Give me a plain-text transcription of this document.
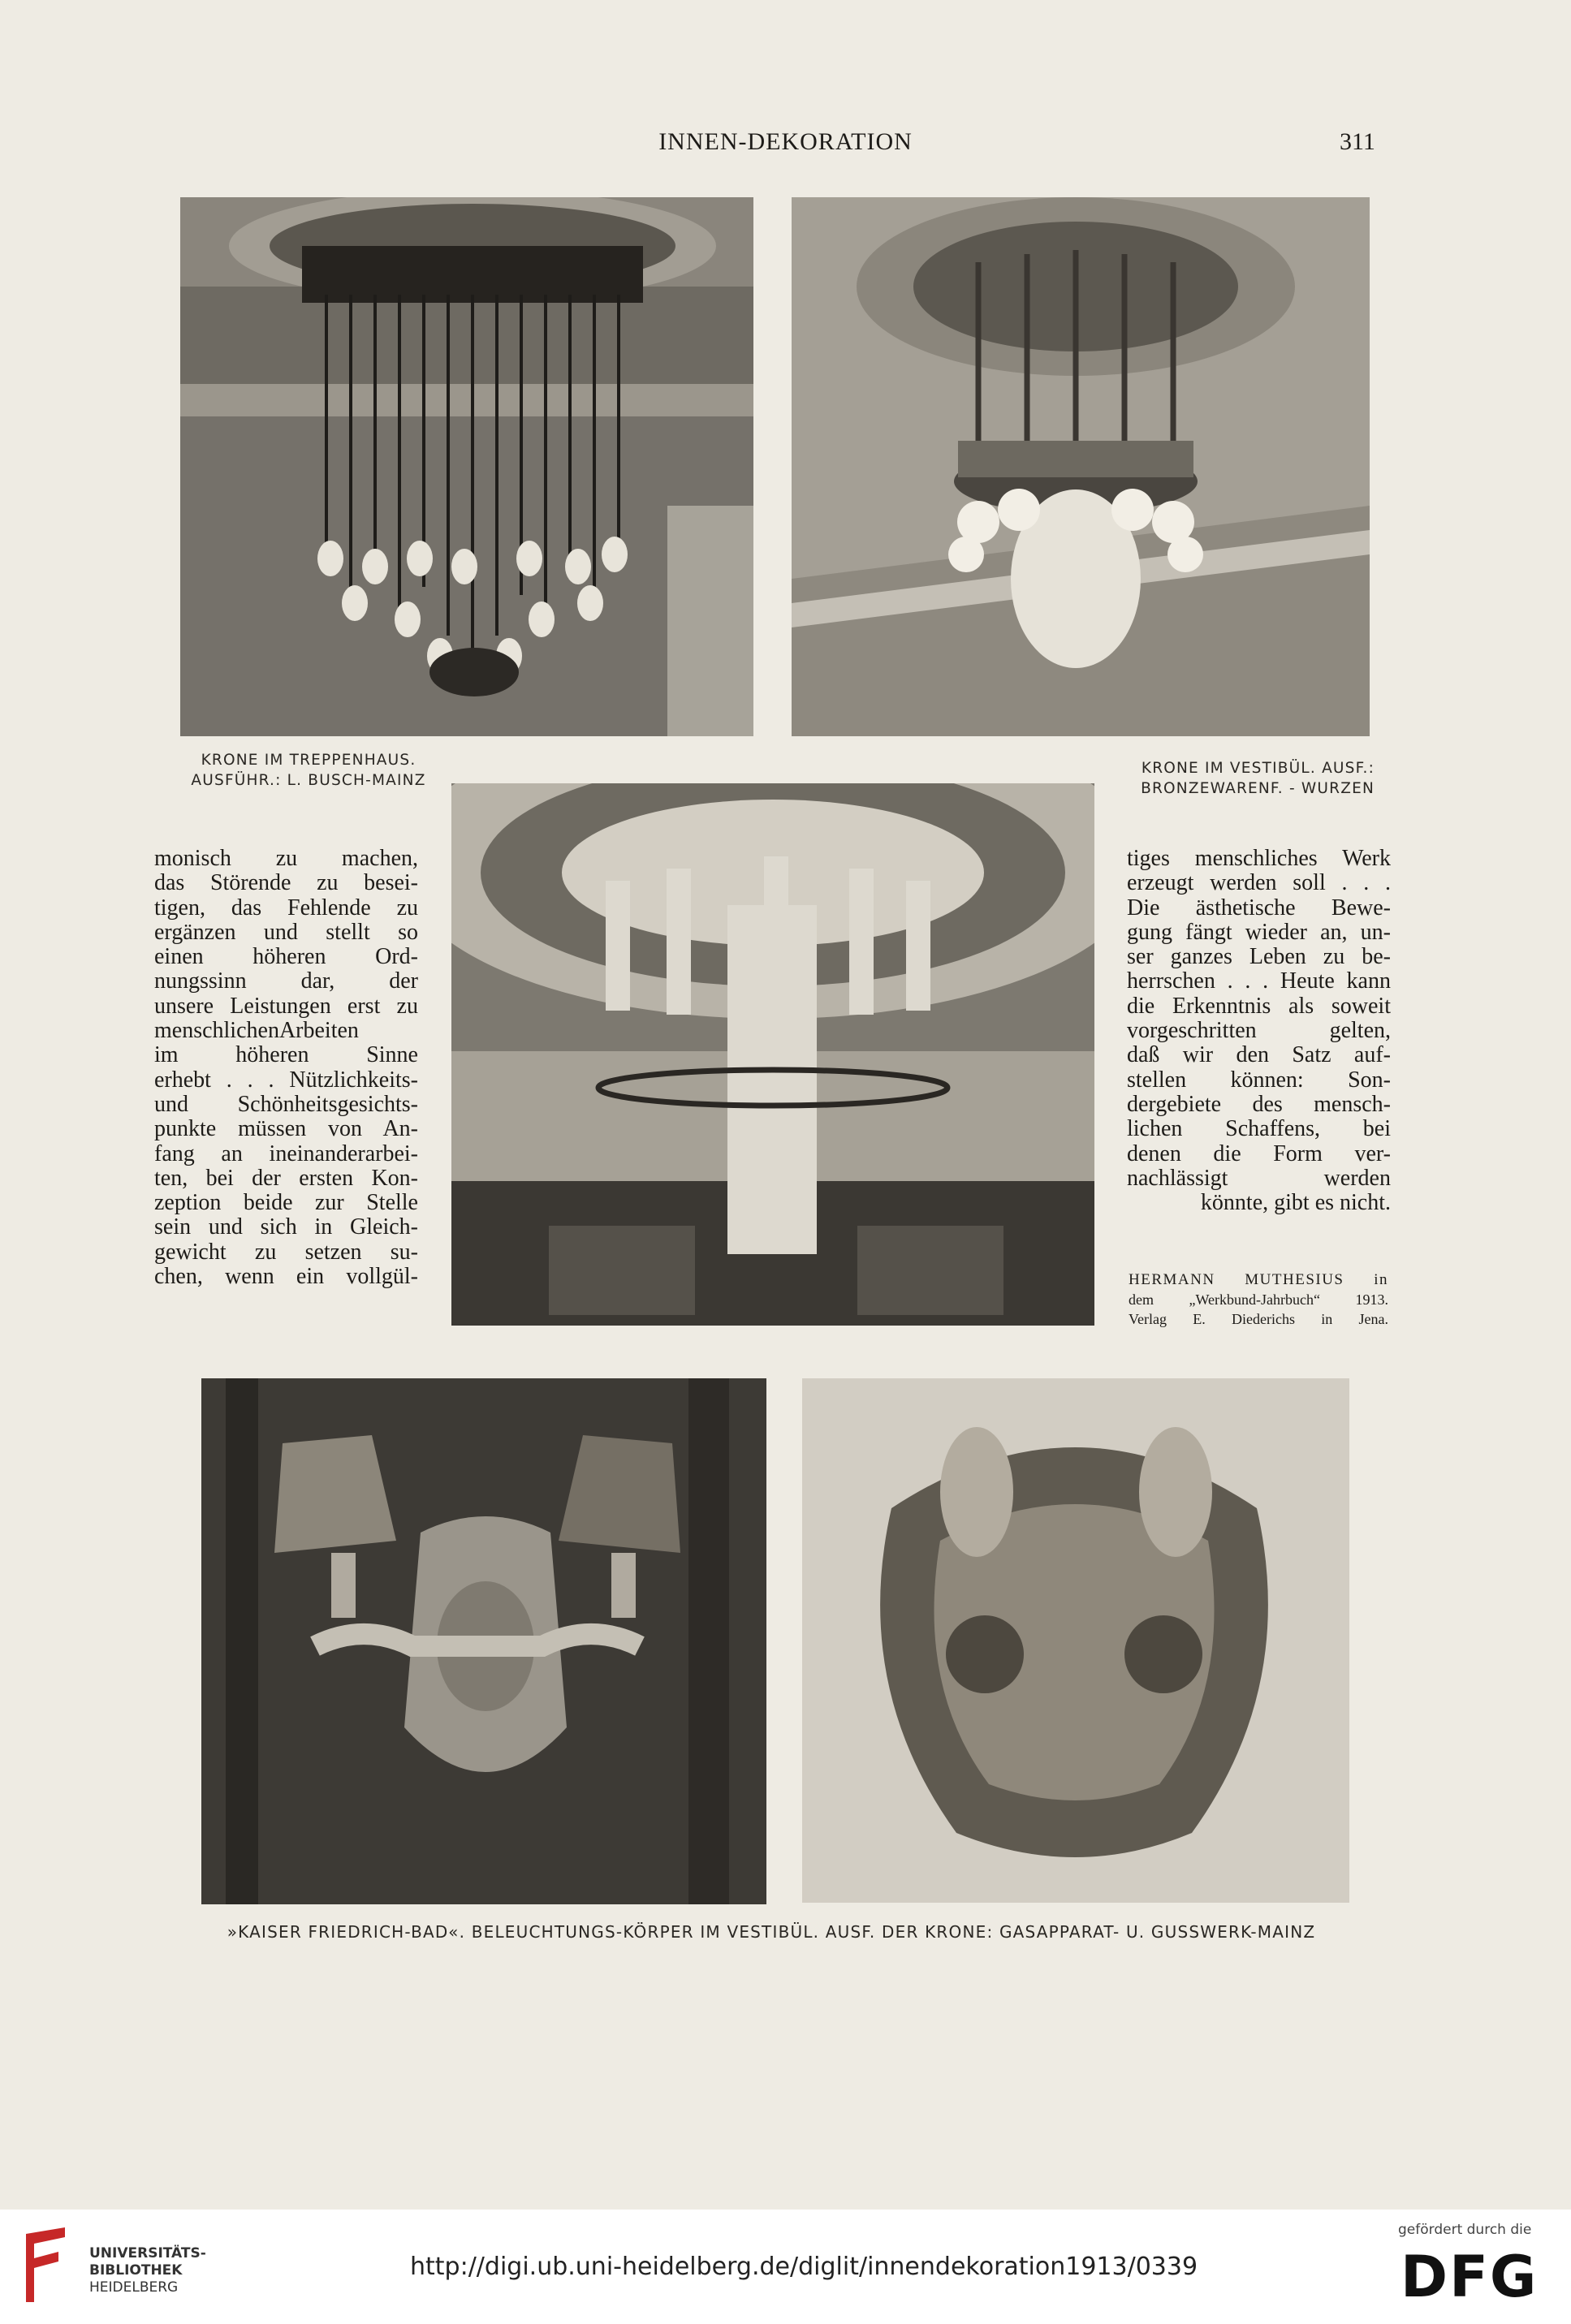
INNEN-DEKORATION	311
KRONE IM TREPPENHAUS.
AUSFÜHR.: L. BUSCH-MAINZ
KRONE IM VESTIBÜL. AUSF.:
BRONZEWARENF. - WURZEN
monisch zu machen,
das Störende zu besei-
tigen, das Fehlende zu
ergänzen und stellt so
einen höheren Ord-
nungssinn dar, der
unsere Leistungen erst zu
menschlichenArbeiten
im höheren Sinne
erhebt . . . Nützlichkeits-
und Schönheitsgesichts-
punkte müssen von An-
fang an ineinanderarbei-
ten, bei der ersten Kon-
zeption beide zur Stelle
sein und sich in Gleich-
gewicht zu setzen su-
chen, wenn ein vollgül-
tiges menschliches Werk
erzeugt werden soll . . .
Die ästhetische Bewe-
gung fängt wieder an, un-
ser ganzes Leben zu be-
herrschen . . . Heute kann
die Erkenntnis als soweit
vorgeschritten gelten,
daß wir den Satz auf-
stellen können: Son-
dergebiete des mensch-
lichen Schaffens, bei
denen die Form ver-
nachlässigt werden
könnte, gibt es nicht.
HERMANN MUTHESIUS in
dem „Werkbund-Jahrbuch“ 1913.
Verlag E. Diederichs in Jena.
»KAISER FRIEDRICH-BAD«. BELEUCHTUNGS-KÖRPER IM VESTIBÜL. AUSF. DER KRONE: GASAPPARAT- U. GUSSWERK-MAINZ
UNIVERSITÄTS-
BIBLIOTHEK
HEIDELBERG
http://digi.ub.uni-heidelberg.de/diglit/innendekoration1913/0339
gefördert durch die
DFG
